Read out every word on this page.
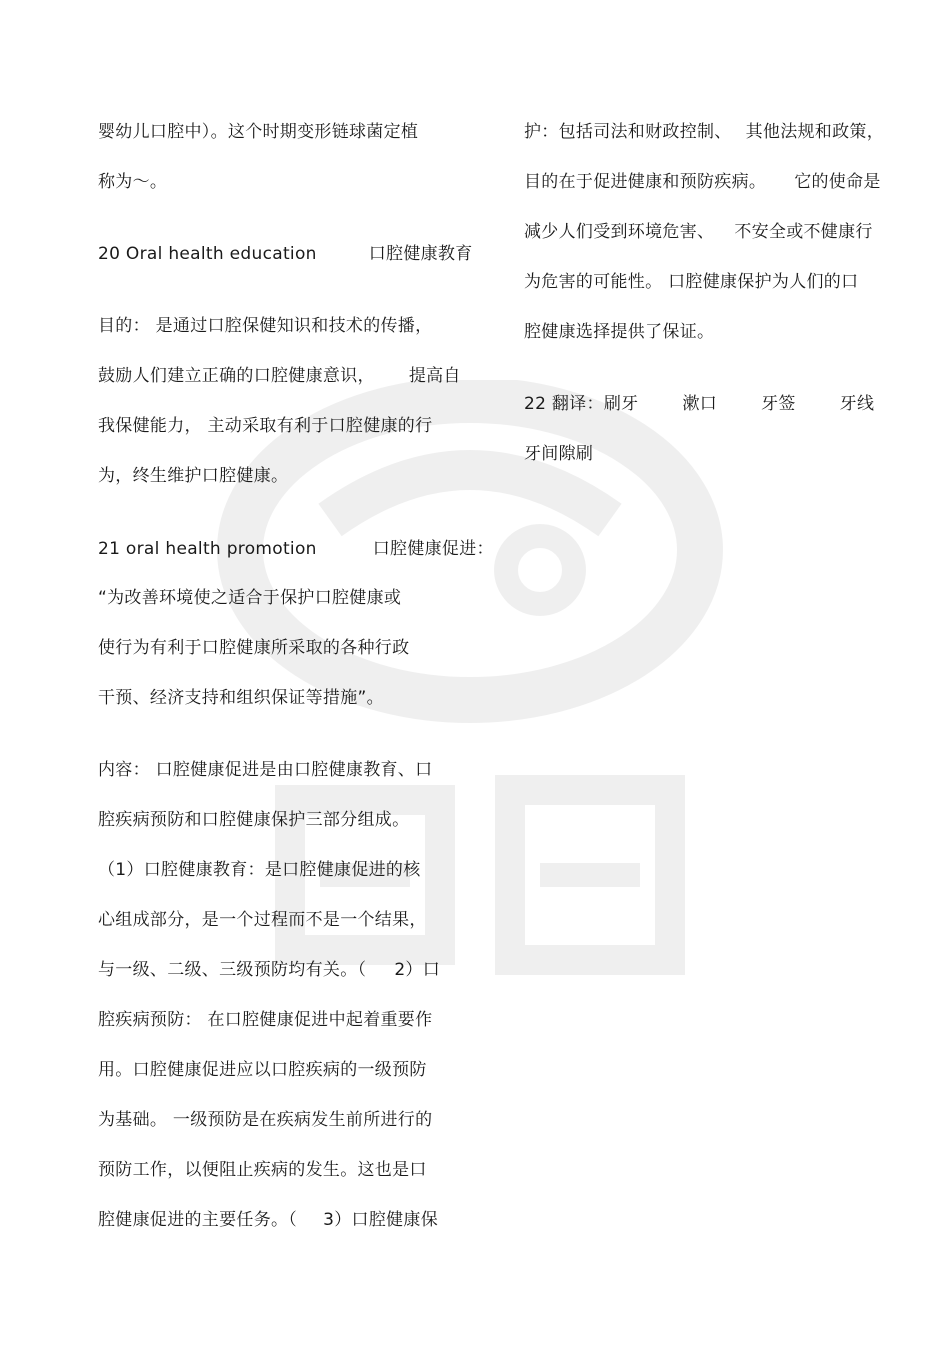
婴幼儿口腔中）。这个时期变形链球菌定植
称为～。
20 Oral health education	口腔健康教育
目的： 是通过口腔保健知识和技术的传播，
鼓励人们建立正确的口腔健康意识， 提高自
我保健能力， 主动采取有利于口腔健康的行
为，终生维护口腔健康。
21 oral health promotion	口腔健康促进：
“为改善环境使之适合于保护口腔健康或
使行为有利于口腔健康所采取的各种行政
干预、经济支持和组织保证等措施”。
内容： 口腔健康促进是由口腔健康教育、口
腔疾病预防和口腔健康保护三部分组成。
（1）口腔健康教育：是口腔健康促进的核
心组成部分，是一个过程而不是一个结果，
与一级、二级、三级预防均有关。（ 2）口
腔疾病预防： 在口腔健康促进中起着重要作
用。口腔健康促进应以口腔疾病的一级预防
为基础。 一级预防是在疾病发生前所进行的
预防工作，以便阻止疾病的发生。这也是口
腔健康促进的主要任务。（ 3）口腔健康保
护：包括司法和财政控制、 其他法规和政策，
目的在于促进健康和预防疾病。 它的使命是
减少人们受到环境危害、 不安全或不健康行
为危害的可能性。 口腔健康保护为人们的口
腔健康选择提供了保证。
22 翻译：刷牙	漱口	牙签	牙线
牙间隙刷
